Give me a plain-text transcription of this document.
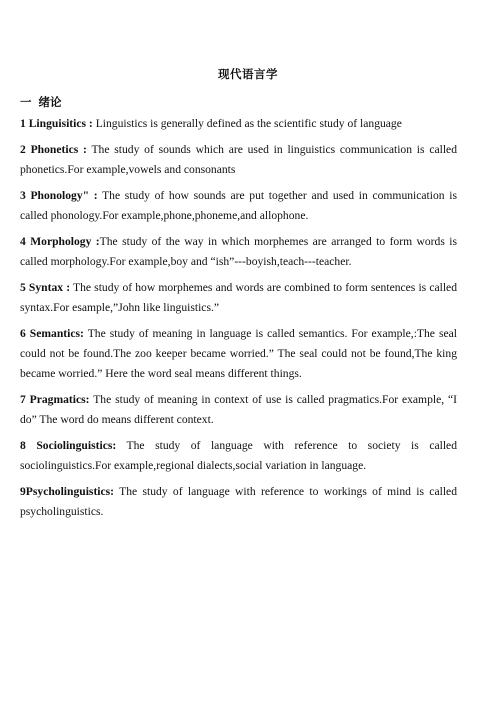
现代语言学
一 绪论

1 Linguisitics : Linguistics is generally defined as the scientific study of language

2 Phonetics : The study of sounds which are used in linguistics communication is called phonetics.For example,vowels and consonants

3 Phonology" : The study of how sounds are put together and used in communication is called phonology.For example,phone,phoneme,and allophone.

4 Morphology :The study of the way in which morphemes are arranged to form words is called morphology.For example,boy and “ish”---boyish,teach---teacher.

5 Syntax : The study of how morphemes and words are combined to form sentences is called syntax.For esample,”John like linguistics.”

6 Semantics: The study of meaning in language is called semantics. For example,:The seal could not be found.The zoo keeper became worried.” The seal could not be found,The king became worried.” Here the word seal means different things.

7 Pragmatics: The study of meaning in context of use is called pragmatics.For example, “I do” The word do means different context.

8 Sociolinguistics: The study of language with reference to society is called sociolinguistics.For example,regional dialects,social variation in language.

9Psycholinguistics: The study of language with reference to workings of mind is called psycholinguistics.
